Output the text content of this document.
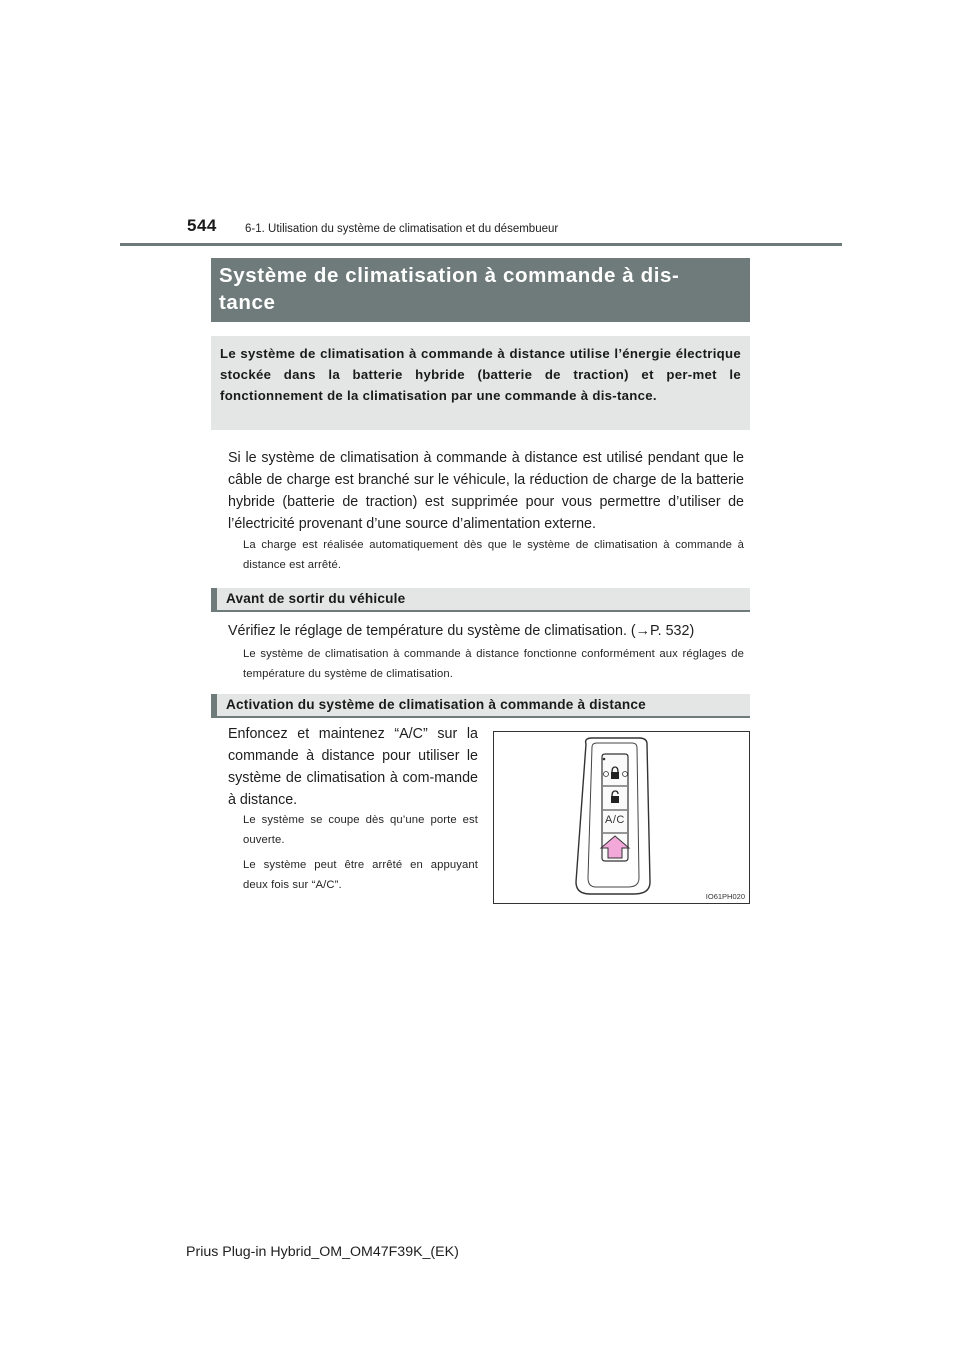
544 6-1. Utilisation du système de climatisation et du désembueur
Système de climatisation à commande à dis-
tance
Le système de climatisation à commande à distance utilise l’énergie électrique stockée dans la batterie hybride (batterie de traction) et per-met le fonctionnement de la climatisation par une commande à dis-tance.
Si le système de climatisation à commande à distance est utilisé pendant que le câble de charge est branché sur le véhicule, la réduction de charge de la batterie hybride (batterie de traction) est supprimée pour vous permettre d’utiliser de l’électricité provenant d’une source d’alimentation externe.
La charge est réalisée automatiquement dès que le système de climatisation à commande à distance est arrêté.
Avant de sortir du véhicule
Vérifiez le réglage de température du système de climatisation. (→P. 532)
Le système de climatisation à commande à distance fonctionne conformément aux réglages de température du système de climatisation.
Activation du système de climatisation à commande à distance
Enfoncez et maintenez “A/C” sur la commande à distance pour utiliser le système de climatisation à com-mande à distance.
Le système se coupe dès qu’une porte est ouverte.
Le système peut être arrêté en appuyant deux fois sur “A/C”.
A/C
IO61PH020
Prius Plug-in Hybrid_OM_OM47F39K_(EK)
